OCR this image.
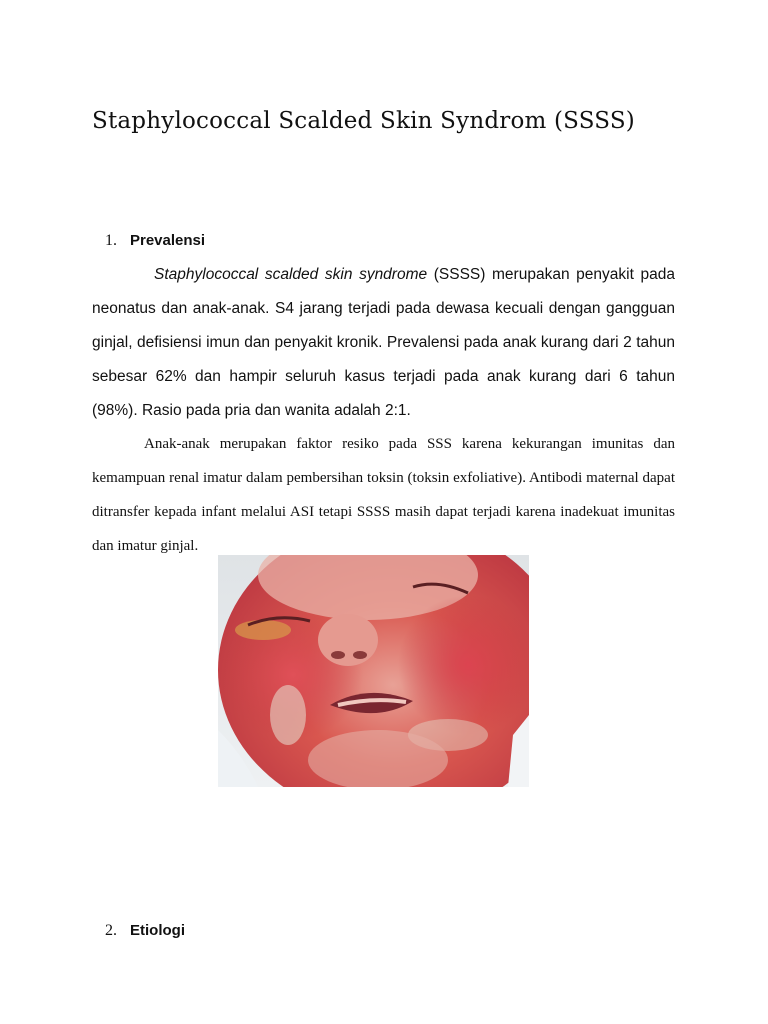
Staphylococcal Scalded Skin Syndrom (SSSS)
1. Prevalensi

Staphylococcal scalded skin syndrome (SSSS) merupakan penyakit pada neonatus dan anak-anak. S4 jarang terjadi pada dewasa kecuali dengan gangguan ginjal, defisiensi imun dan penyakit kronik. Prevalensi pada anak kurang dari 2 tahun sebesar 62% dan hampir seluruh kasus terjadi pada anak kurang dari 6 tahun (98%). Rasio pada pria dan wanita adalah 2:1.

Anak-anak merupakan faktor resiko pada SSS karena kekurangan imunitas dan kemampuan renal imatur dalam pembersihan toksin (toksin exfoliative). Antibodi maternal dapat ditransfer kepada infant melalui ASI tetapi SSSS masih dapat terjadi karena inadekuat imunitas dan imatur ginjal.

2. Etiologi
